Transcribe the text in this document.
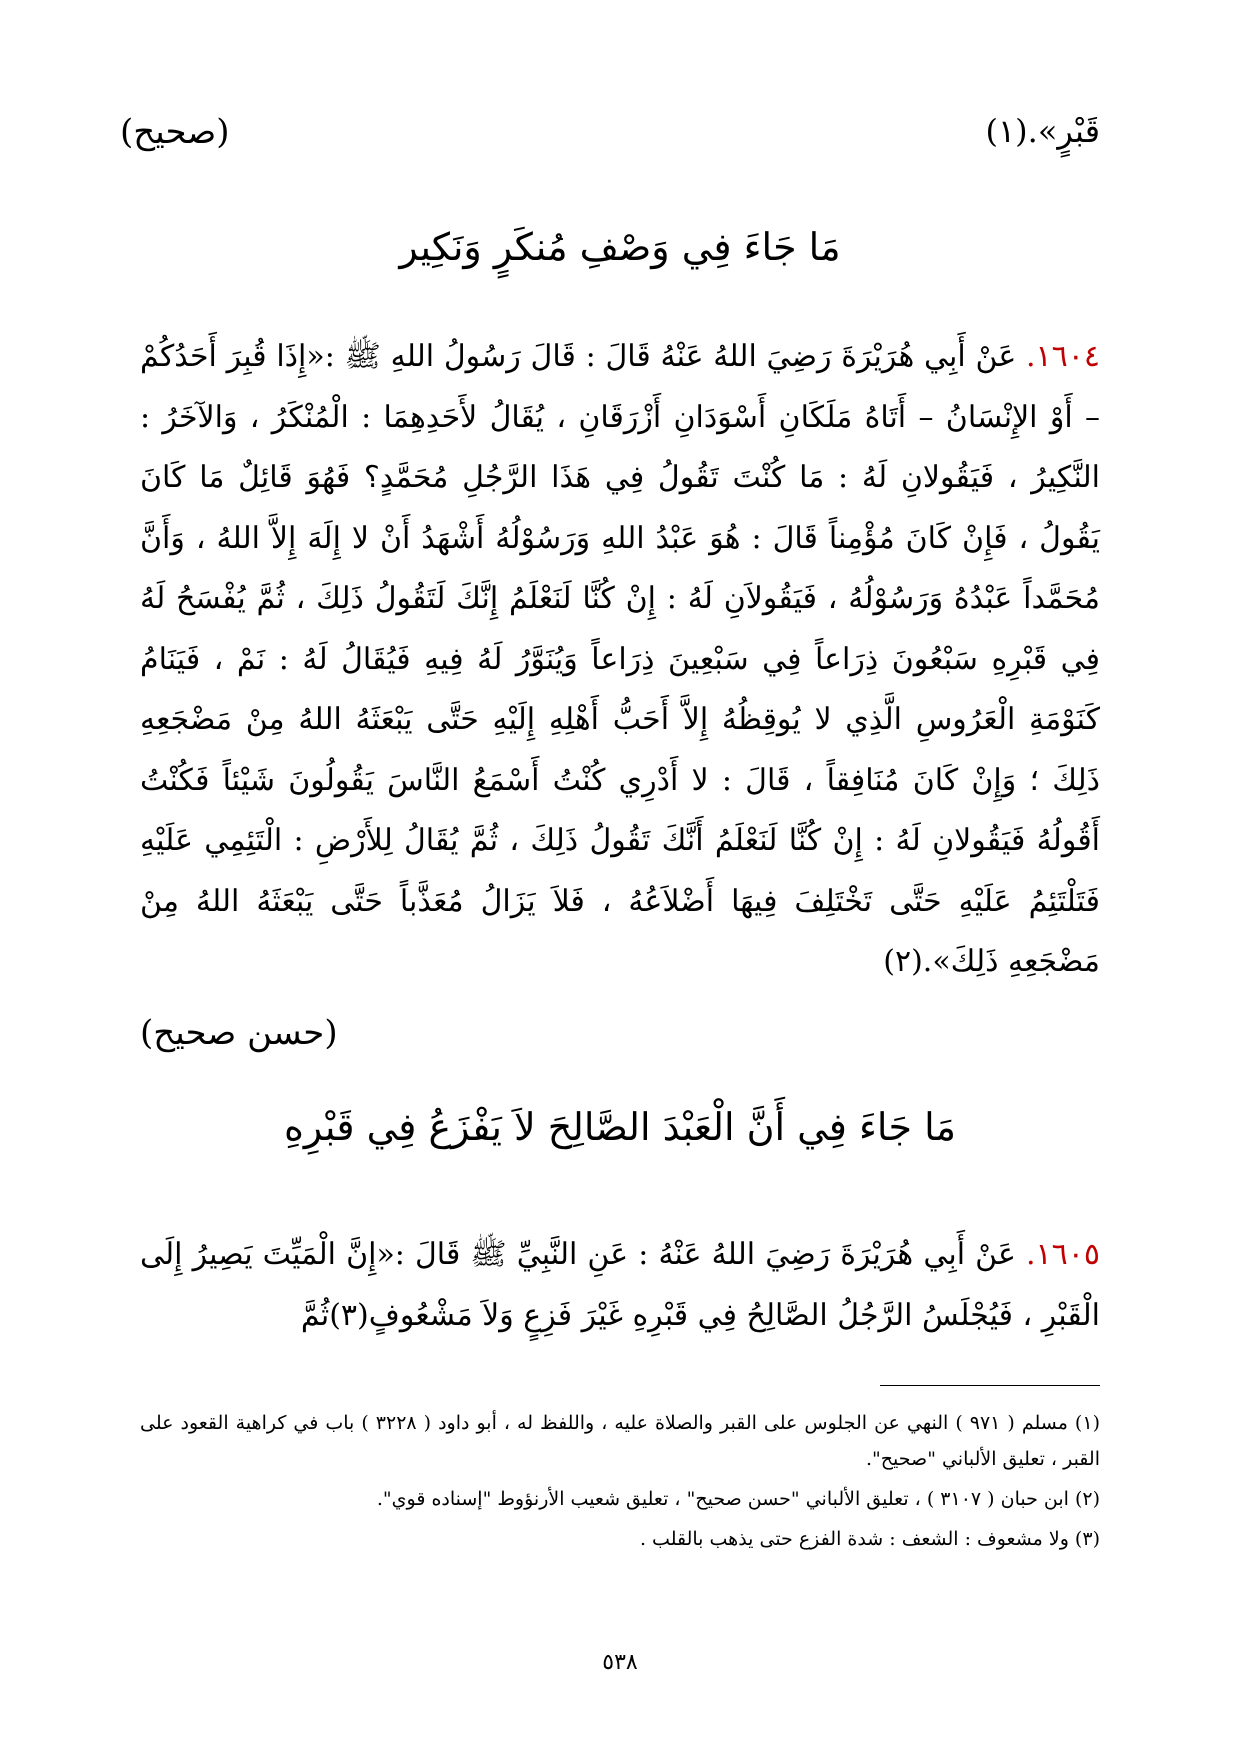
قَبْرٍ».(١)
(صحيح)
مَا جَاءَ فِي وَصْفِ مُنكَرٍ وَنَكِير
١٦٠٤. عَنْ أَبِي هُرَيْرَةَ رَضِيَ اللهُ عَنْهُ قَالَ : قَالَ رَسُولُ اللهِ ﷺ :«إِذَا قُبِرَ أَحَدُكُمْ – أَوْ الإِنْسَانُ – أَتَاهُ مَلَكَانِ أَسْوَدَانِ أَزْرَقَانِ ، يُقَالُ لأَحَدِهِمَا : الْمُنْكَرُ ، وَالآخَرُ : النَّكِيرُ ، فَيَقُولانِ لَهُ : مَا كُنْتَ تَقُولُ فِي هَذَا الرَّجُلِ مُحَمَّدٍ؟ فَهُوَ قَائِلٌ مَا كَانَ يَقُولُ ، فَإِنْ كَانَ مُؤْمِناً قَالَ : هُوَ عَبْدُ اللهِ وَرَسُوْلُهُ أَشْهَدُ أَنْ لا إِلَهَ إِلاَّ اللهُ ، وَأَنَّ مُحَمَّداً عَبْدُهُ وَرَسُوْلُهُ ، فَيَقُولاَنِ لَهُ : إِنْ كُنَّا لَنَعْلَمُ إِنَّكَ لَتَقُولُ ذَلِكَ ، ثُمَّ يُفْسَحُ لَهُ فِي قَبْرِهِ سَبْعُونَ ذِرَاعاً فِي سَبْعِينَ ذِرَاعاً وَيُنَوَّرُ لَهُ فِيهِ فَيُقَالُ لَهُ : نَمْ ، فَيَنَامُ كَنَوْمَةِ الْعَرُوسِ الَّذِي لا يُوقِظُهُ إِلاَّ أَحَبُّ أَهْلِهِ إِلَيْهِ حَتَّى يَبْعَثَهُ اللهُ مِنْ مَضْجَعِهِ ذَلِكَ ؛ وَإِنْ كَانَ مُنَافِقاً ، قَالَ : لا أَدْرِي كُنْتُ أَسْمَعُ النَّاسَ يَقُولُونَ شَيْئاً فَكُنْتُ أَقُولُهُ فَيَقُولانِ لَهُ : إِنْ كُنَّا لَنَعْلَمُ أَنَّكَ تَقُولُ ذَلِكَ ، ثُمَّ يُقَالُ لِلأَرْضِ : الْتَئِمِي عَلَيْهِ فَتَلْتَئِمُ عَلَيْهِ حَتَّى تَخْتَلِفَ فِيهَا أَضْلاَعُهُ ، فَلاَ يَزَالُ مُعَذَّباً حَتَّى يَبْعَثَهُ اللهُ مِنْ مَضْجَعِهِ ذَلِكَ».(٢)
(حسن صحيح)
مَا جَاءَ فِي أَنَّ الْعَبْدَ الصَّالِحَ لاَ يَفْزَعُ فِي قَبْرِهِ
١٦٠٥. عَنْ أَبِي هُرَيْرَةَ رَضِيَ اللهُ عَنْهُ : عَنِ النَّبِيِّ ﷺ قَالَ :«إِنَّ الْمَيِّتَ يَصِيرُ إِلَى الْقَبْرِ ، فَيُجْلَسُ الرَّجُلُ الصَّالِحُ فِي قَبْرِهِ غَيْرَ فَزِعٍ وَلاَ مَشْعُوفٍ(٣)ثُمَّ

(١) مسلم ( ٩٧١ ) النهي عن الجلوس على القبر والصلاة عليه ، واللفظ له ، أبو داود ( ٣٢٢٨ ) باب في كراهية القعود على القبر ، تعليق الألباني "صحيح".

(٢) ابن حبان ( ٣١٠٧ ) ، تعليق الألباني "حسن صحيح" ، تعليق شعيب الأرنؤوط "إسناده قوي".

(٣) ولا مشعوف : الشعف : شدة الفزع حتى يذهب بالقلب .

٥٣٨
